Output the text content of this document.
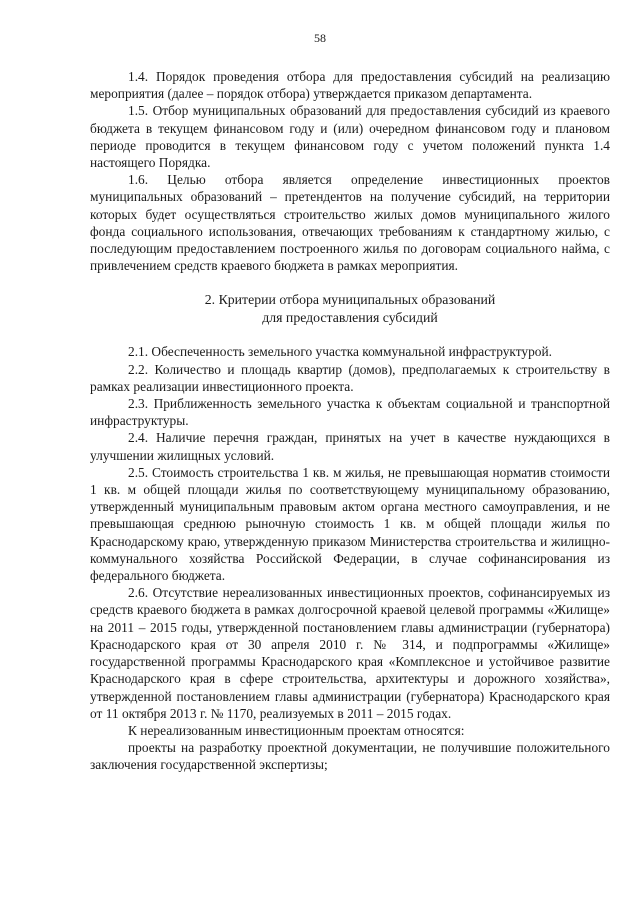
58

1.4. Порядок проведения отбора для предоставления субсидий на реализацию мероприятия (далее – порядок отбора) утверждается приказом департамента.

1.5. Отбор муниципальных образований для предоставления субсидий из краевого бюджета в текущем финансовом году и (или) очередном финансовом году и плановом периоде проводится в текущем финансовом году с учетом положений пункта 1.4 настоящего Порядка.

1.6. Целью отбора является определение инвестиционных проектов муниципальных образований – претендентов на получение субсидий, на территории которых будет осуществляться строительство жилых домов муниципального жилого фонда социального использования, отвечающих требованиям к стандартному жилью, с последующим предоставлением построенного жилья по договорам социального найма, с привлечением средств краевого бюджета в рамках мероприятия.

2. Критерии отбора муниципальных образований
для предоставления субсидий

2.1. Обеспеченность земельного участка коммунальной инфраструктурой.

2.2. Количество и площадь квартир (домов), предполагаемых к строительству в рамках реализации инвестиционного проекта.

2.3. Приближенность земельного участка к объектам социальной и транспортной инфраструктуры.

2.4. Наличие перечня граждан, принятых на учет в качестве нуждающихся в улучшении жилищных условий.

2.5. Стоимость строительства 1 кв. м жилья, не превышающая норматив стоимости 1 кв. м общей площади жилья по соответствующему муниципальному образованию, утвержденный муниципальным правовым актом органа местного самоуправления, и не превышающая среднюю рыночную стоимость 1 кв. м общей площади жилья по Краснодарскому краю, утвержденную приказом Министерства строительства и жилищно-коммунального хозяйства Российской Федерации, в случае софинансирования из федерального бюджета.

2.6. Отсутствие нереализованных инвестиционных проектов, софинансируемых из средств краевого бюджета в рамках долгосрочной краевой целевой программы «Жилище» на 2011 – 2015 годы, утвержденной постановлением главы администрации (губернатора) Краснодарского края от 30 апреля 2010 г. № 314, и подпрограммы «Жилище» государственной программы Краснодарского края «Комплексное и устойчивое развитие Краснодарского края в сфере строительства, архитектуры и дорожного хозяйства», утвержденной постановлением главы администрации (губернатора) Краснодарского края от 11 октября 2013 г. № 1170, реализуемых в 2011 – 2015 годах.

К нереализованным инвестиционным проектам относятся:

проекты на разработку проектной документации, не получившие положительного заключения государственной экспертизы;
